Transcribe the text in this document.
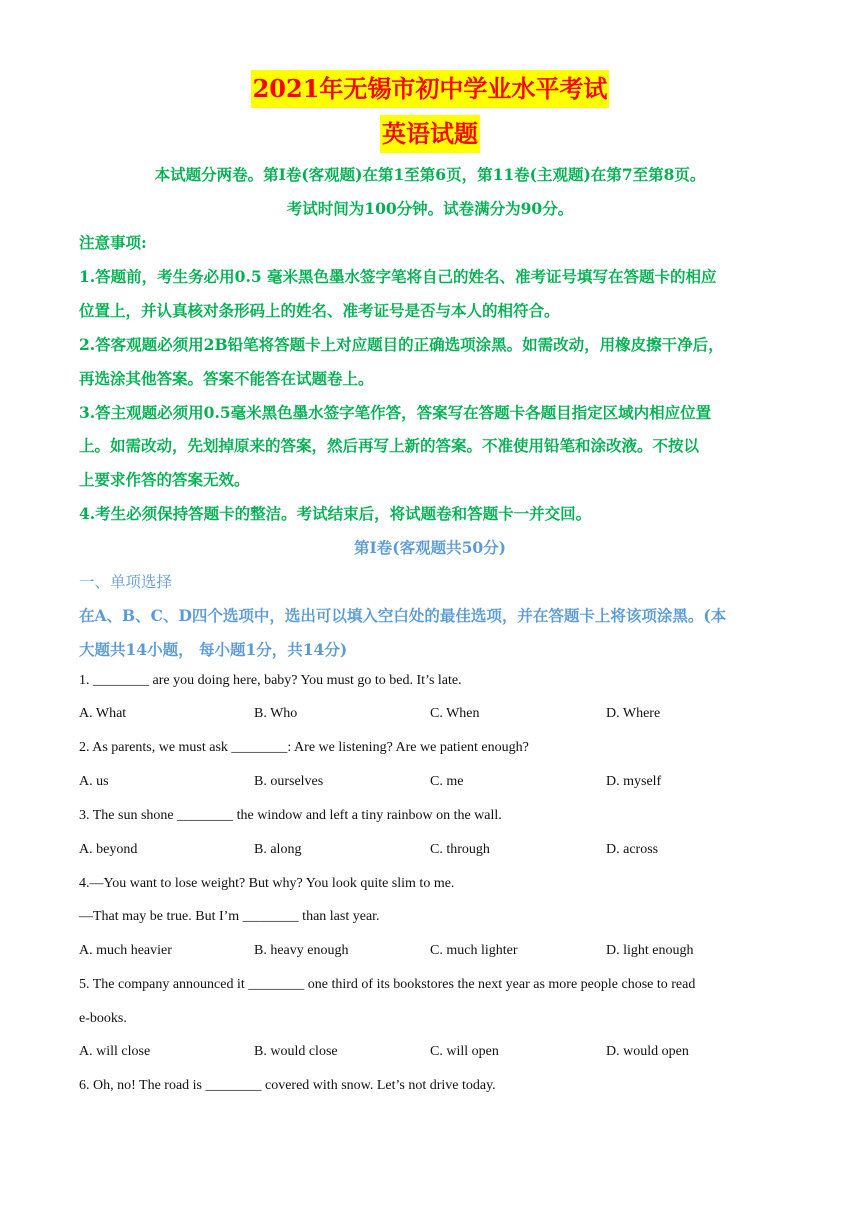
2021年无锡市初中学业水平考试
英语试题
本试题分两卷。第I卷(客观题)在第1至第6页，第11卷(主观题)在第7至第8页。
考试时间为100分钟。试卷满分为90分。
注意事项:
1.答题前，考生务必用0.5 毫米黑色墨水签字笔将自己的姓名、准考证号填写在答题卡的相应
位置上，并认真核对条形码上的姓名、准考证号是否与本人的相符合。
2.答客观题必须用2B铅笔将答题卡上对应题目的正确选项涂黑。如需改动，用橡皮擦干净后，
再选涂其他答案。答案不能答在试题卷上。
3.答主观题必须用0.5毫米黑色墨水签字笔作答，答案写在答题卡各题目指定区域内相应位置
上。如需改动，先划掉原来的答案，然后再写上新的答案。不准使用铅笔和涂改液。不按以
上要求作答的答案无效。
4.考生必须保持答题卡的整洁。考试结束后，将试题卷和答题卡一并交回。
第I卷(客观题共50分)
一、单项选择
在A、B、C、D四个选项中，选出可以填入空白处的最佳选项，并在答题卡上将该项涂黑。(本
大题共14小题， 每小题1分，共14分)
1. ________ are you doing here, baby? You must go to bed. It’s late.
A. What	B. Who	C. When	D. Where
2. As parents, we must ask ________: Are we listening? Are we patient enough?
A. us	B. ourselves	C. me	D. myself
3. The sun shone ________ the window and left a tiny rainbow on the wall.
A. beyond	B. along	C. through	D. across
4.—You want to lose weight? But why? You look quite slim to me.
—That may be true. But I’m ________ than last year.
A. much heavier	B. heavy enough	C. much lighter	D. light enough
5. The company announced it ________ one third of its bookstores the next year as more people chose to read
e-books.
A. will close	B. would close	C. will open	D. would open
6. Oh, no! The road is ________ covered with snow. Let’s not drive today.
